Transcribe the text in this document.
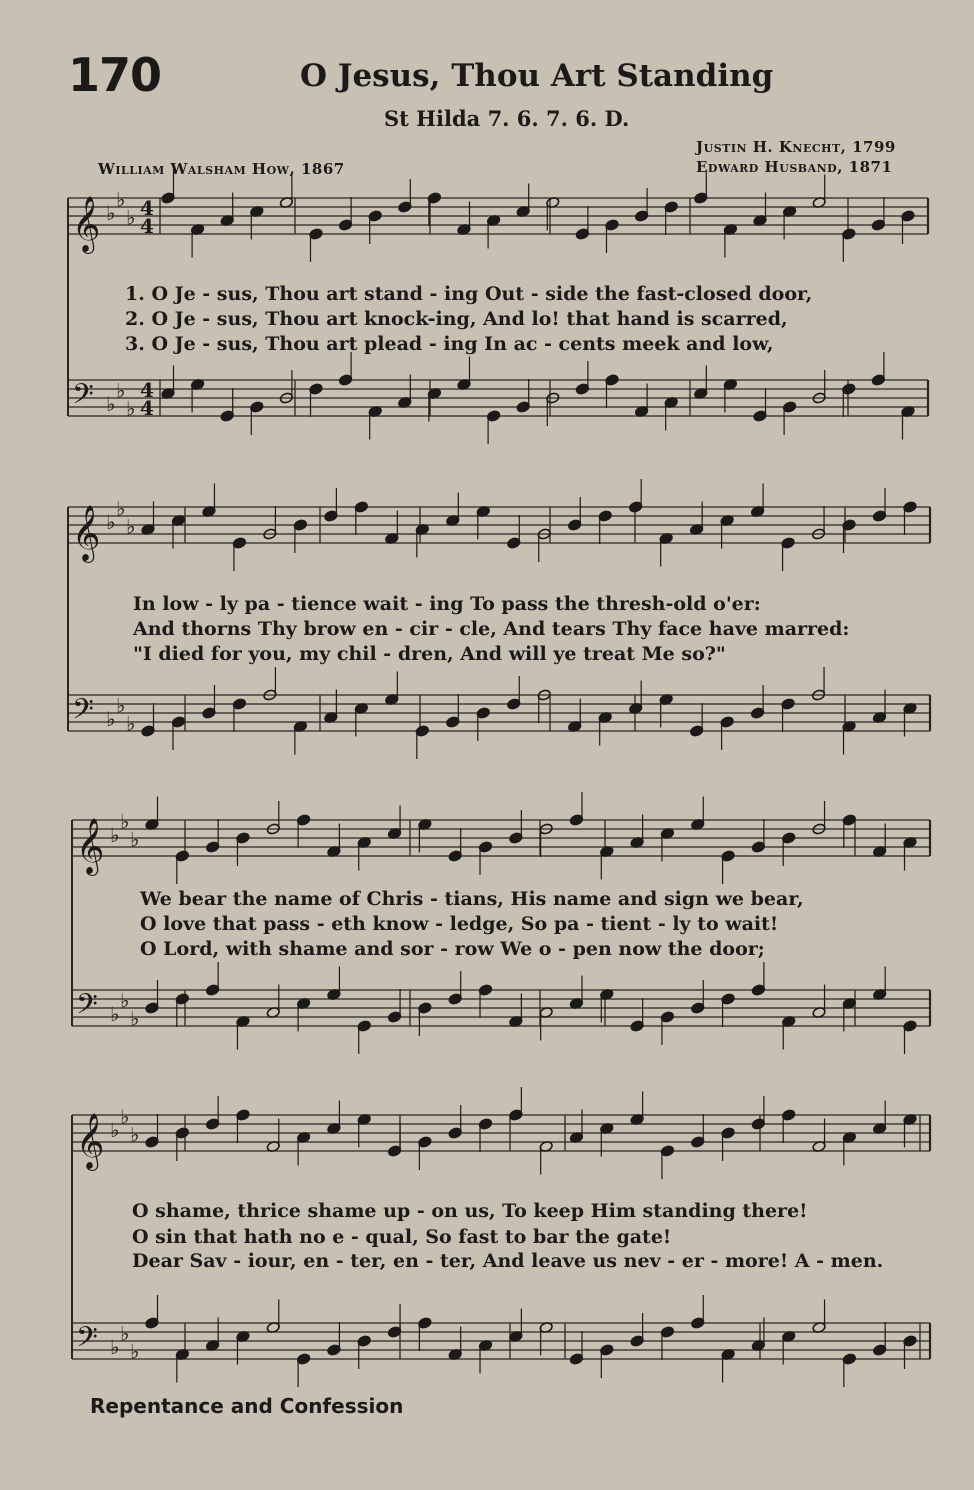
170	O Jesus, Thou Art Standing
St Hilda 7. 6. 7. 6. D.
William Walsham How, 1867
Justin H. Knecht, 1799
Edward Husband, 1871
𝄞 ♭
♭
♭ 4
4
𝄢 ♭
♭
♭
4
4
1. O Je - sus, Thou art stand - ing Out - side the fast-closed door,
2. O Je - sus, Thou art knock-ing, And lo! that hand is scarred,
3. O Je - sus, Thou art plead - ing In ac - cents meek and low,
𝄞 ♭
♭
♭
𝄢 ♭
♭
♭
In low - ly pa - tience wait - ing To pass the thresh-old o'er:
And thorns Thy brow en - cir - cle, And tears Thy face have marred:
"I died for you, my chil - dren, And will ye treat Me so?"
𝄞 ♭
♭
♭
𝄢 ♭
♭
♭
We bear the name of Chris - tians, His name and sign we bear,
O love that pass - eth know - ledge, So pa - tient - ly to wait!
O Lord, with shame and sor - row We o - pen now the door;
𝄞 ♭
♭
♭
𝄢 ♭
♭
♭
O shame, thrice shame up - on us, To keep Him standing there!
O sin that hath no e - qual, So fast to bar the gate!
Dear Sav - iour, en - ter, en - ter, And leave us nev - er - more! A - men.
Repentance and Confession
